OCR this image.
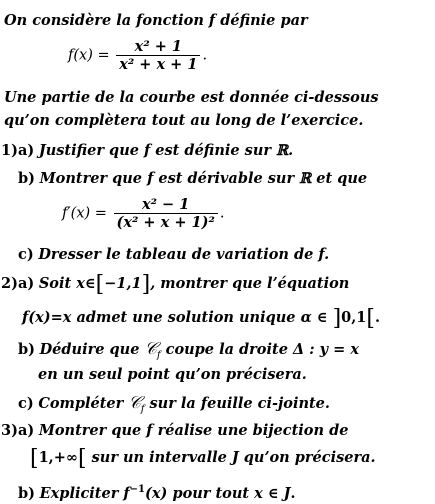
On considère la fonction f définie par
$f(x) = \frac{\text{x² + 1}}{\text{x² + x + 1}}$ .
Une partie de la courbe est donnée ci-dessous
qu’on complètera tout au long de l’exercice.
1)a) Justifier que f est définie sur ℝ.
b) Montrer que f est dérivable sur ℝ et que
$f'(x) = \frac{\text{x² − 1}}{\text{(x² + x + 1)²}}$ .
c) Dresser le tableau de variation de f.
2)a) Soit x∈[−1,1], montrer que l’équation
f(x)=x admet une solution unique α ∈ ]0,1[.
b) Déduire que 𝒞$_f$ coupe la droite Δ : y = x
en un seul point qu’on précisera.
c) Compléter 𝒞$_f$ sur la feuille ci-jointe.
3)a) Montrer que f réalise une bijection de
[1,+∞[ sur un intervalle J qu’on précisera.
b) Expliciter $f^{-1}(x)$ pour tout x ∈ J.
